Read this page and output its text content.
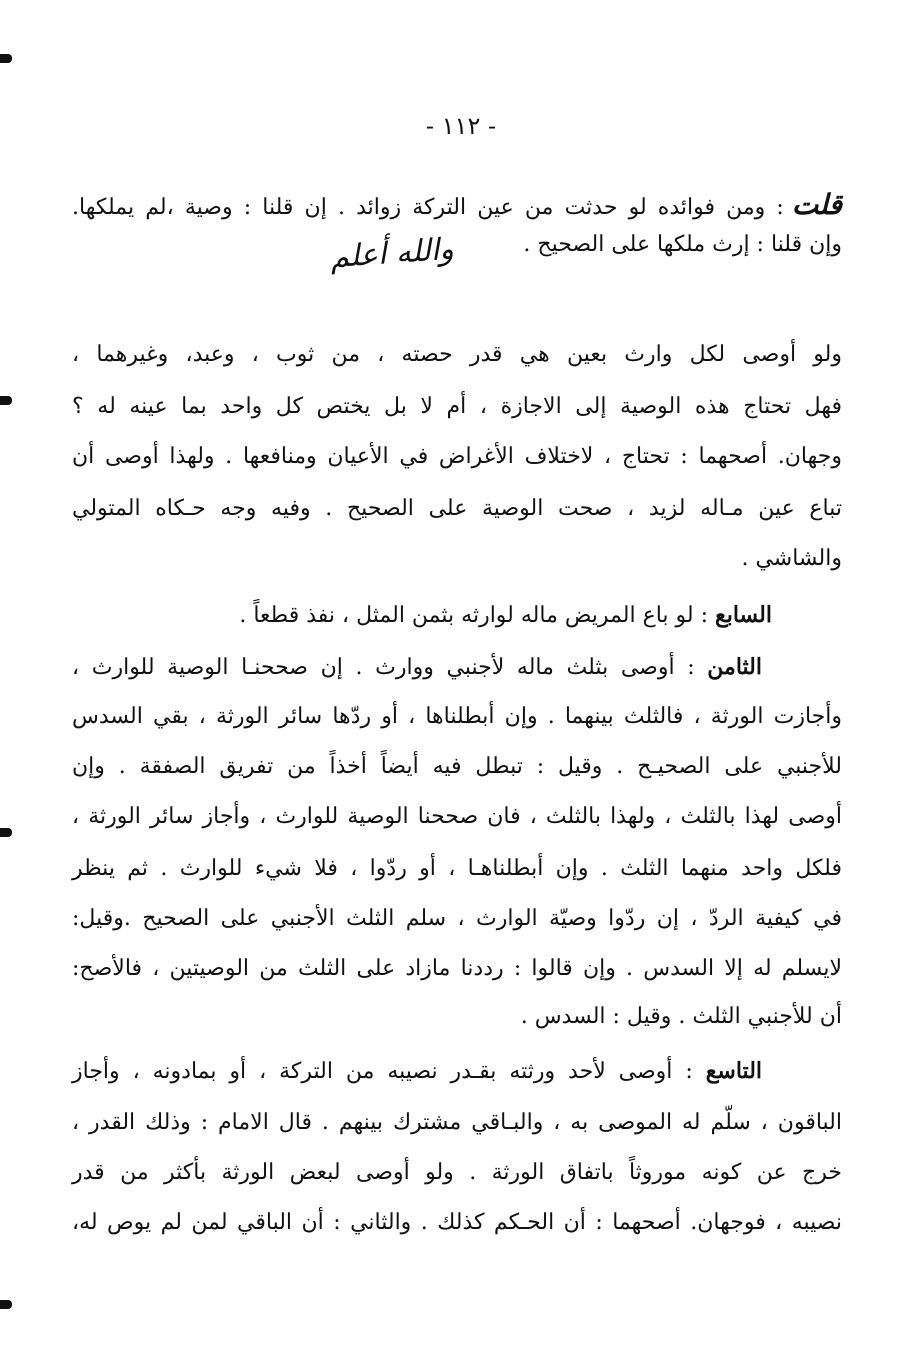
- ١١٢ -
قلت: ومن فوائده لو حدثت من عين التركة زوائد . إن قلنا : وصية ،لم يملكها.
وإن قلنا : إرث ملكها على الصحيح .
والله أعلم
ولو أوصى لكل وارث بعين هي قدر حصته ، من ثوب ، وعبد، وغيرهما ،
فهل تحتاج هذه الوصية إلى الاجازة ، أم لا بل يختص كل واحد بما عينه له ؟
وجهان. أصحهما : تحتاج ، لاختلاف الأغراض في الأعيان ومنافعها . ولهذا أوصى أن
تباع عين مـاله لزيد ، صحت الوصية على الصحيح . وفيه وجه حـكاه المتولي
والشاشي .
السابع : لو باع المريض ماله لوارثه بثمن المثل ، نفذ قطعاً .
الثامن : أوصى بثلث ماله لأجنبي ووارث . إن صححنـا الوصية للوارث ،
وأجازت الورثة ، فالثلث بينهما . وإن أبطلناها ، أو ردّها سائر الورثة ، بقي السدس
للأجنبي على الصحيـح . وقيل : تبطل فيه أيضاً أخذاً من تفريق الصفقة . وإن
أوصى لهذا بالثلث ، ولهذا بالثلث ، فان صححنا الوصية للوارث ، وأجاز سائر الورثة ،
فلكل واحد منهما الثلث . وإن أبطلناهـا ، أو ردّوا ، فلا شيء للوارث . ثم ينظر
في كيفية الردّ ، إن ردّوا وصيّة الوارث ، سلم الثلث الأجنبي على الصحيح .وقيل:
لايسلم له إلا السدس . وإن قالوا : رددنا مازاد على الثلث من الوصيتين ، فالأصح:
أن للأجنبي الثلث . وقيل : السدس .
التاسع : أوصى لأحد ورثته بقـدر نصيبه من التركة ، أو بمادونه ، وأجاز
الباقون ، سلّم له الموصى به ، والبـاقي مشترك بينهم . قال الامام : وذلك القدر ،
خرج عن كونه موروثاً باتفاق الورثة . ولو أوصى لبعض الورثة بأكثر من قدر
نصيبه ، فوجهان. أصحهما : أن الحـكم كذلك . والثاني : أن الباقي لمن لم يوص له،
